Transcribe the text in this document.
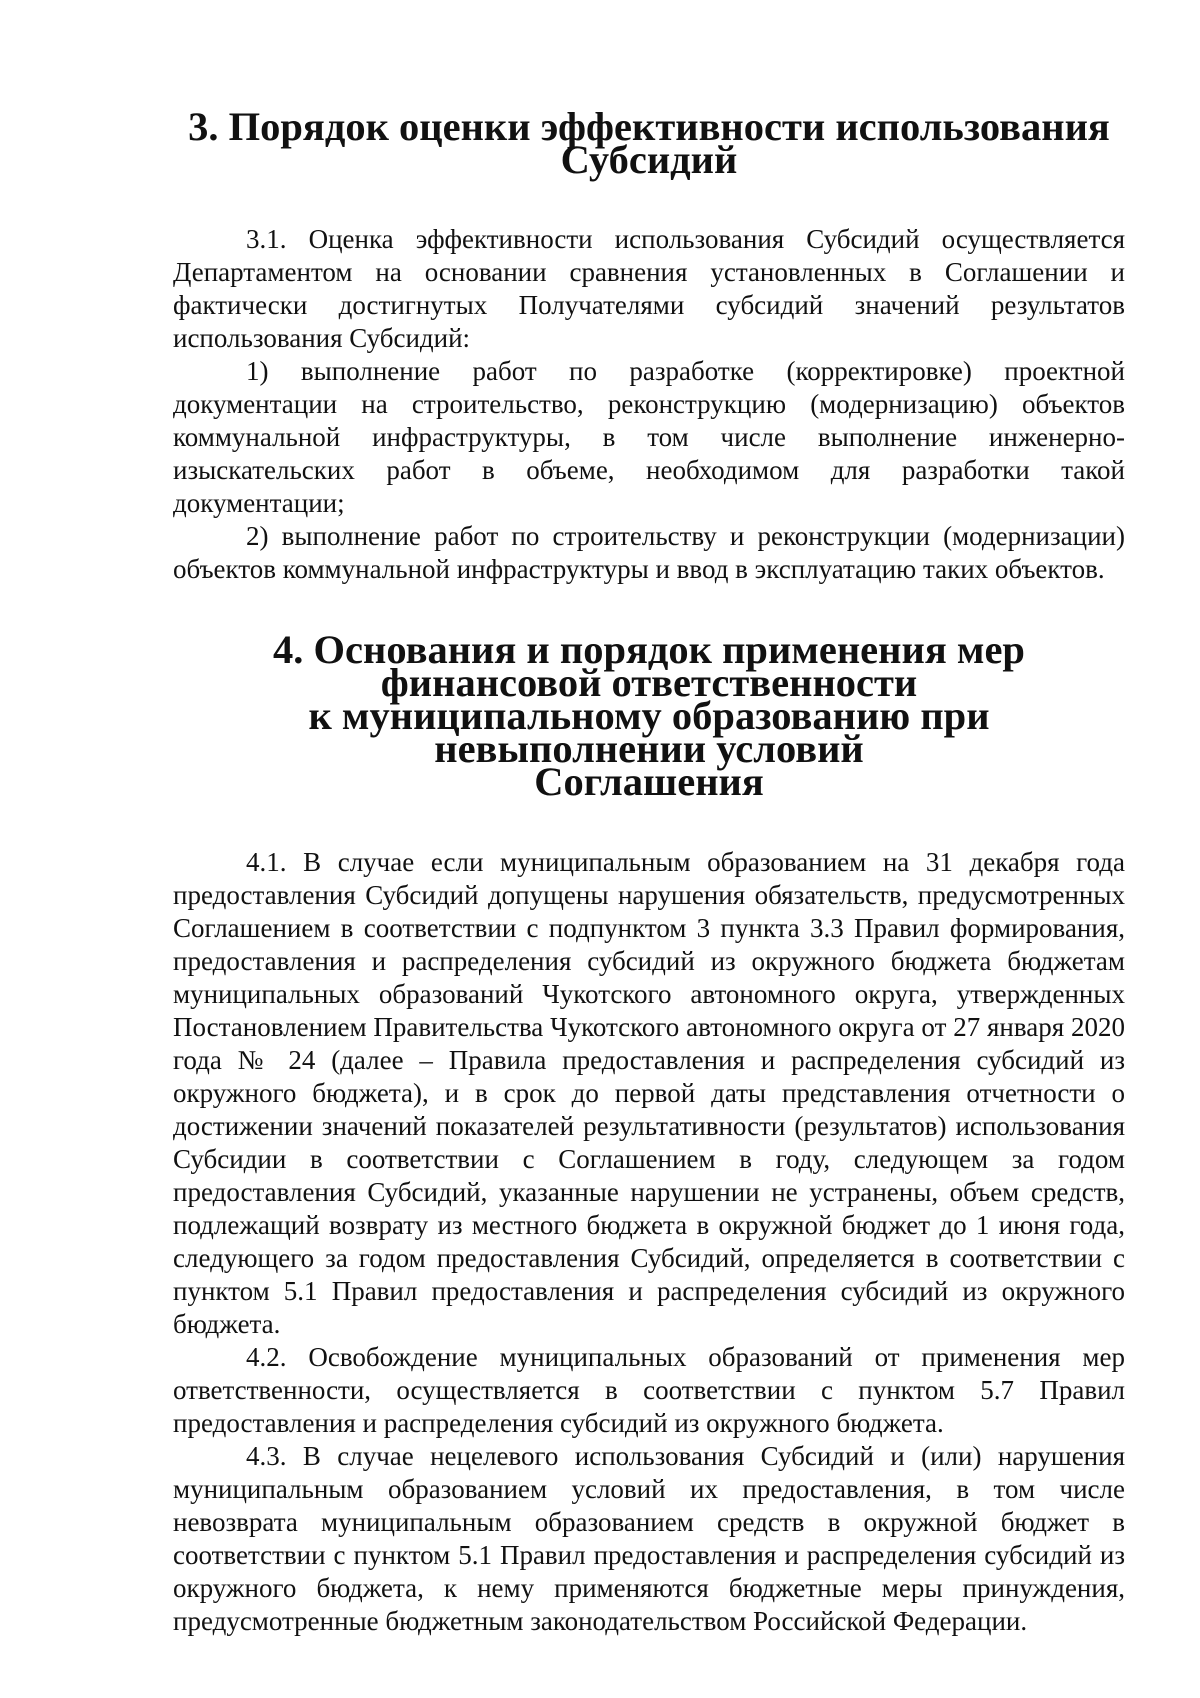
3. Порядок оценки эффективности использования Субсидий

3.1. Оценка эффективности использования Субсидий осуществляется Департаментом на основании сравнения установленных в Соглашении и фактически достигнутых Получателями субсидий значений результатов использования Субсидий:

1) выполнение работ по разработке (корректировке) проектной документации на строительство, реконструкцию (модернизацию) объектов коммунальной инфраструктуры, в том числе выполнение инженерно-изыскательских работ в объеме, необходимом для разработки такой документации;

2) выполнение работ по строительству и реконструкции (модернизации) объектов коммунальной инфраструктуры и ввод в эксплуатацию таких объектов.

4. Основания и порядок применения мер финансовой ответственности
к муниципальному образованию при невыполнении условий
Соглашения

4.1. В случае если муниципальным образованием на 31 декабря года предоставления Субсидий допущены нарушения обязательств, предусмотренных Соглашением в соответствии с подпунктом 3 пункта 3.3 Правил формирования, предоставления и распределения субсидий из окружного бюджета бюджетам муниципальных образований Чукотского автономного округа, утвержденных Постановлением Правительства Чукотского автономного округа от 27 января 2020 года № 24 (далее – Правила предоставления и распределения субсидий из окружного бюджета), и в срок до первой даты представления отчетности о достижении значений показателей результативности (результатов) использования Субсидии в соответствии с Соглашением в году, следующем за годом предоставления Субсидий, указанные нарушении не устранены, объем средств, подлежащий возврату из местного бюджета в окружной бюджет до 1 июня года, следующего за годом предоставления Субсидий, определяется в соответствии с пунктом 5.1 Правил предоставления и распределения субсидий из окружного бюджета.

4.2. Освобождение муниципальных образований от применения мер ответственности, осуществляется в соответствии с пунктом 5.7 Правил предоставления и распределения субсидий из окружного бюджета.

4.3. В случае нецелевого использования Субсидий и (или) нарушения муниципальным образованием условий их предоставления, в том числе невозврата муниципальным образованием средств в окружной бюджет в соответствии с пунктом 5.1 Правил предоставления и распределения субсидий из окружного бюджета, к нему применяются бюджетные меры принуждения, предусмотренные бюджетным законодательством Российской Федерации.
